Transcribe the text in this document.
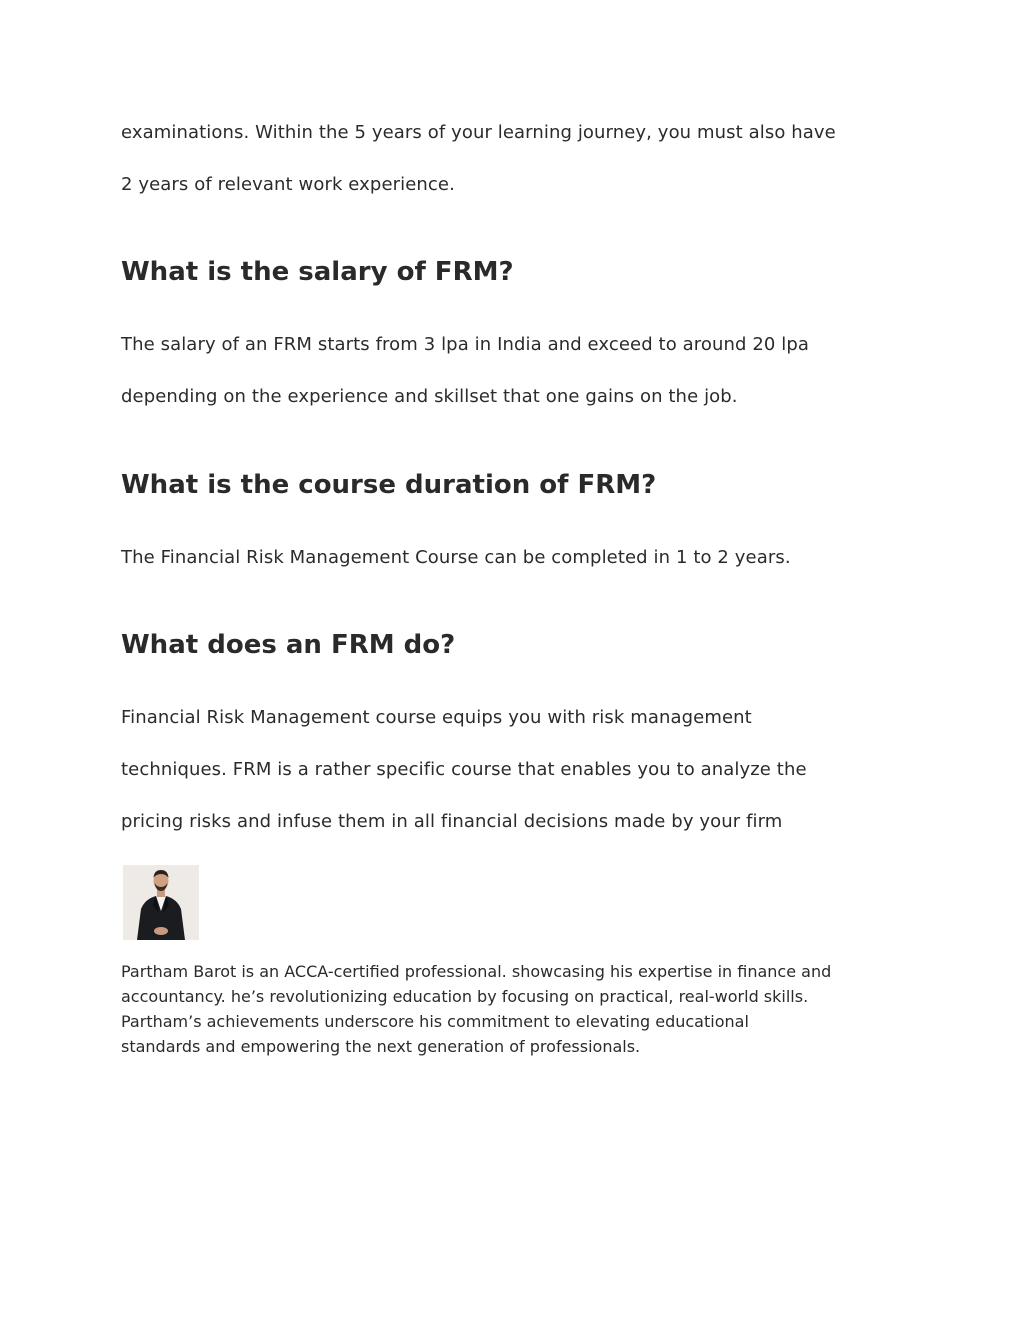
examinations. Within the 5 years of your learning journey, you must also have
2 years of relevant work experience.
What is the salary of FRM?
The salary of an FRM starts from 3 lpa in India and exceed to around 20 lpa
depending on the experience and skillset that one gains on the job.
What is the course duration of FRM?
The Financial Risk Management Course can be completed in 1 to 2 years.
What does an FRM do?
Financial Risk Management course equips you with risk management
techniques. FRM is a rather specific course that enables you to analyze the
pricing risks and infuse them in all financial decisions made by your firm
Partham Barot is an ACCA-certified professional. showcasing his expertise in finance and
accountancy. he’s revolutionizing education by focusing on practical, real-world skills.
Partham’s achievements underscore his commitment to elevating educational
standards and empowering the next generation of professionals.
